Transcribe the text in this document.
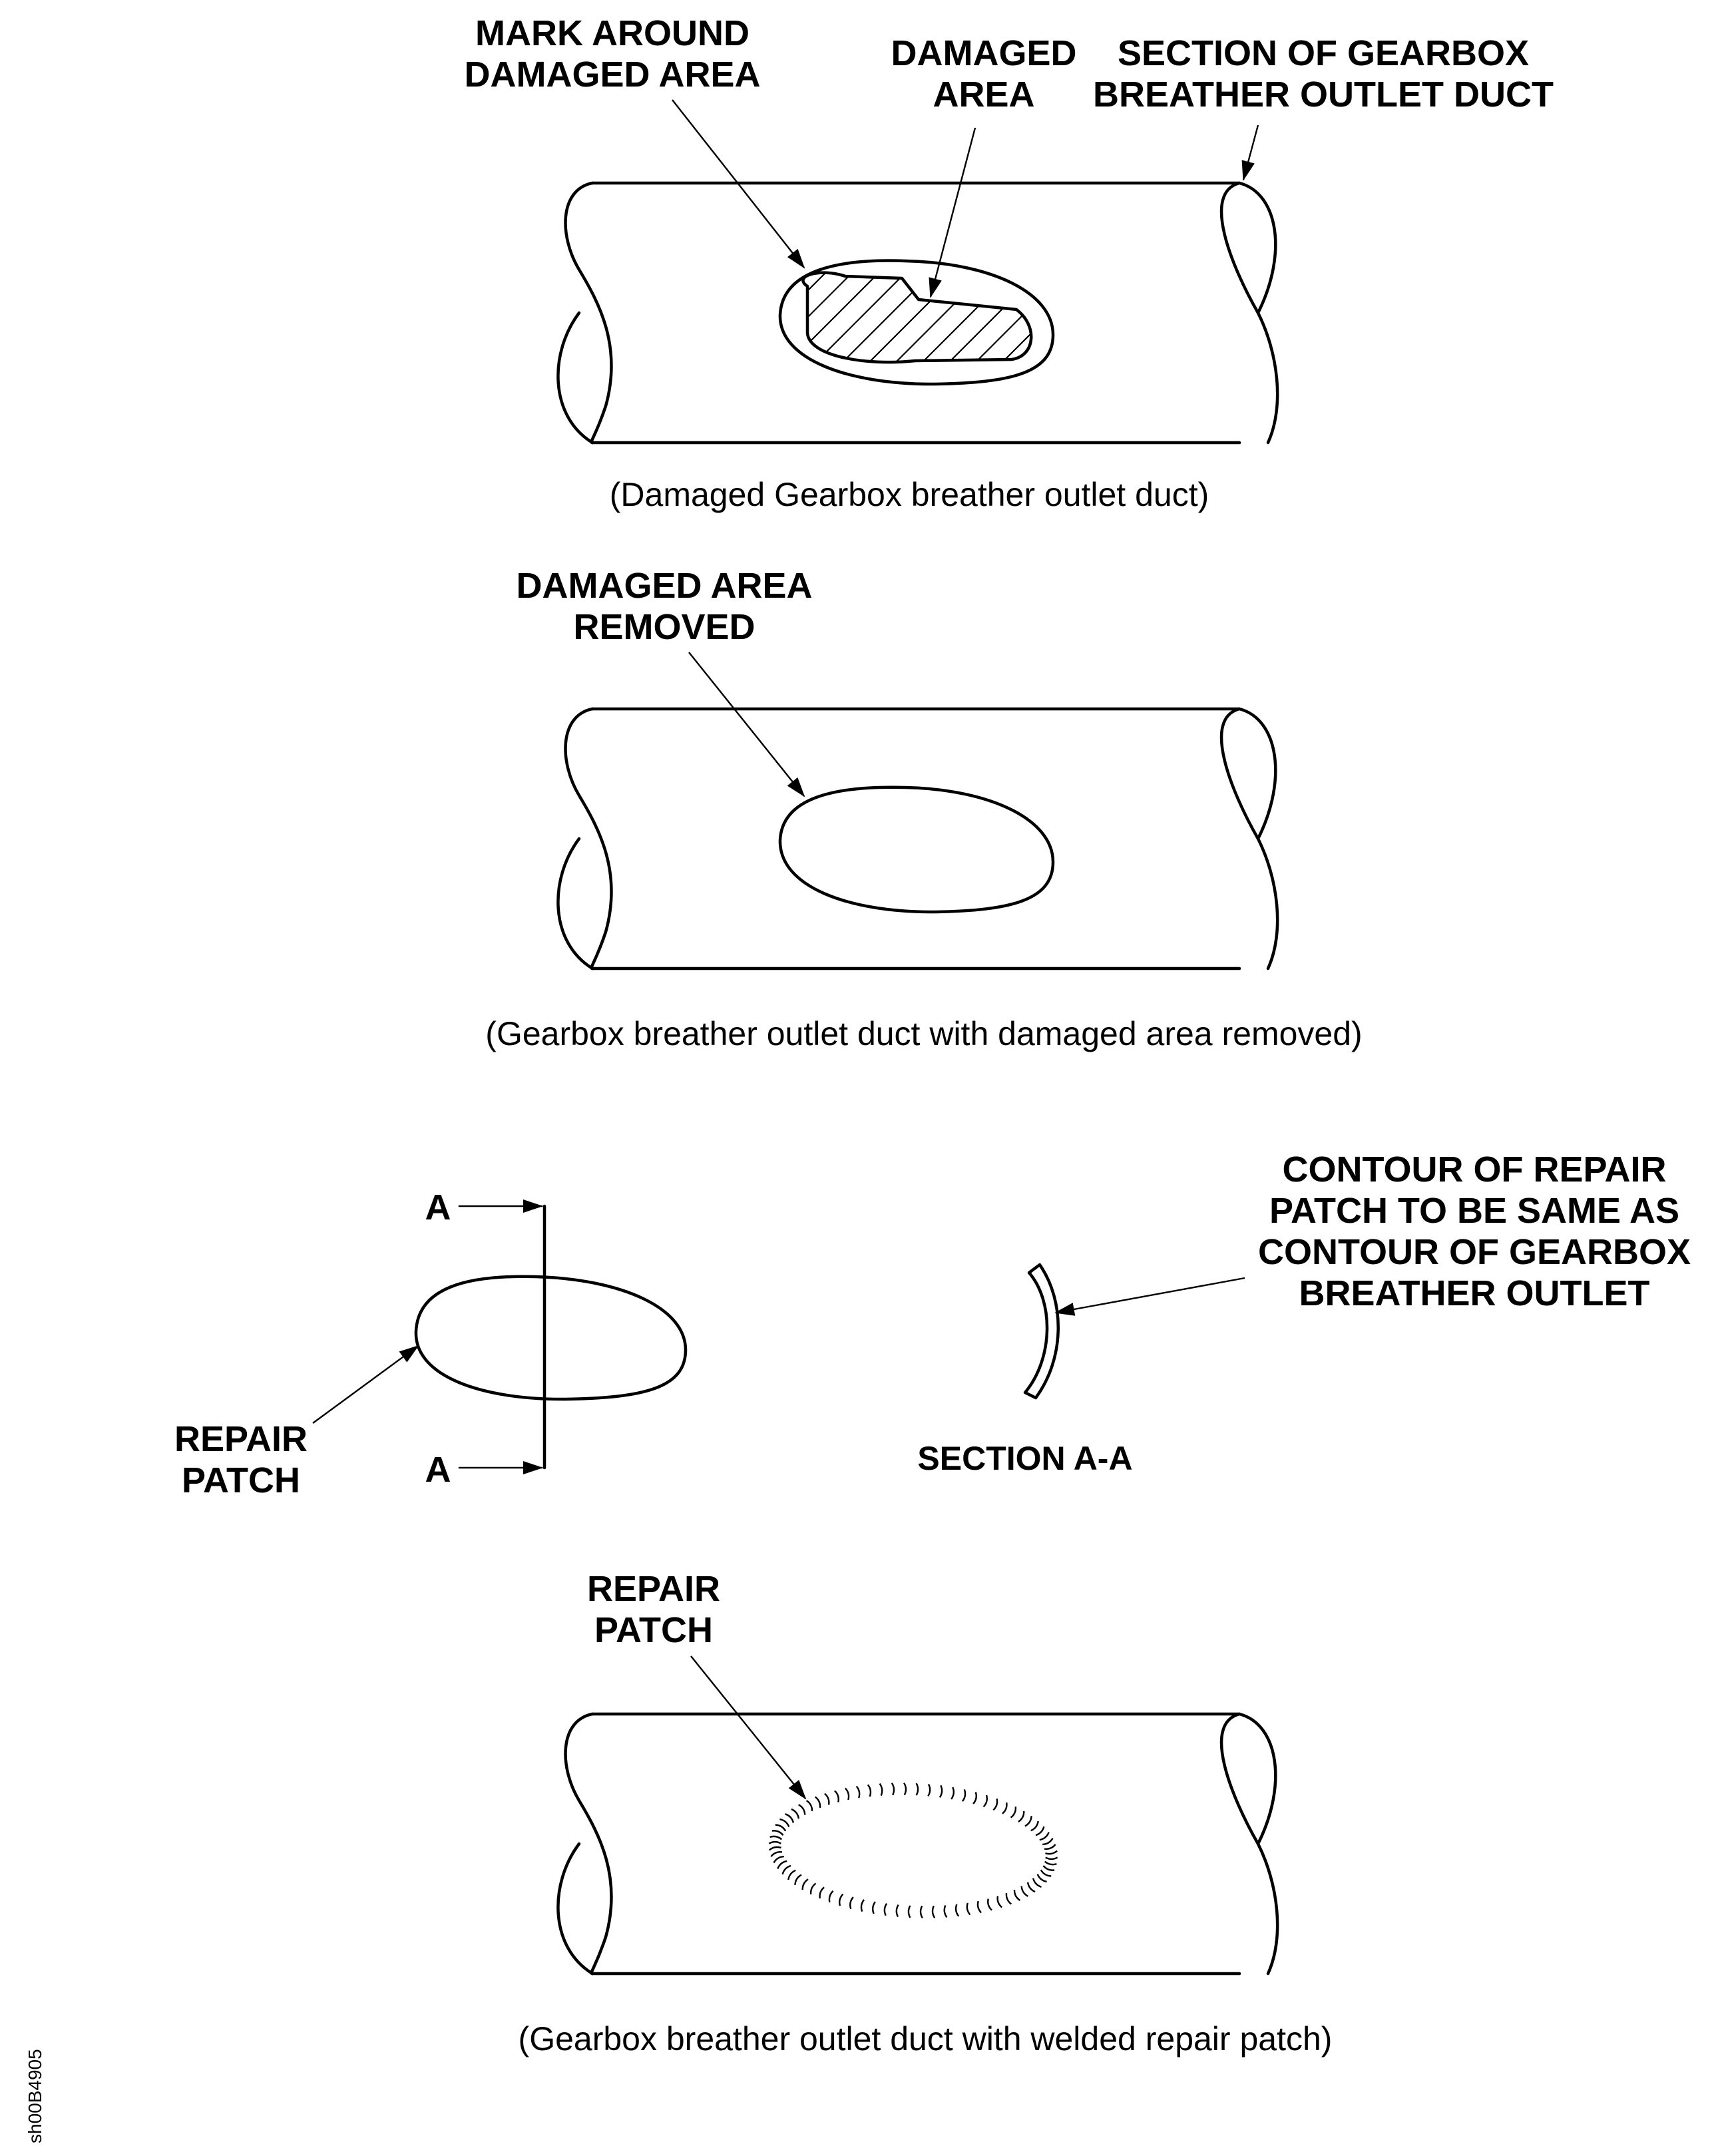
MARK AROUND
DAMAGED AREA
DAMAGED
AREA
SECTION OF GEARBOX
BREATHER OUTLET DUCT
(Damaged Gearbox breather outlet duct)
DAMAGED AREA
REMOVED
(Gearbox breather outlet duct with damaged area removed)
A
A
REPAIR
PATCH
CONTOUR OF REPAIR
PATCH TO BE SAME AS
CONTOUR OF GEARBOX
BREATHER OUTLET
SECTION A-A
REPAIR
PATCH
(Gearbox breather outlet duct with welded repair patch)
sh00B4905
